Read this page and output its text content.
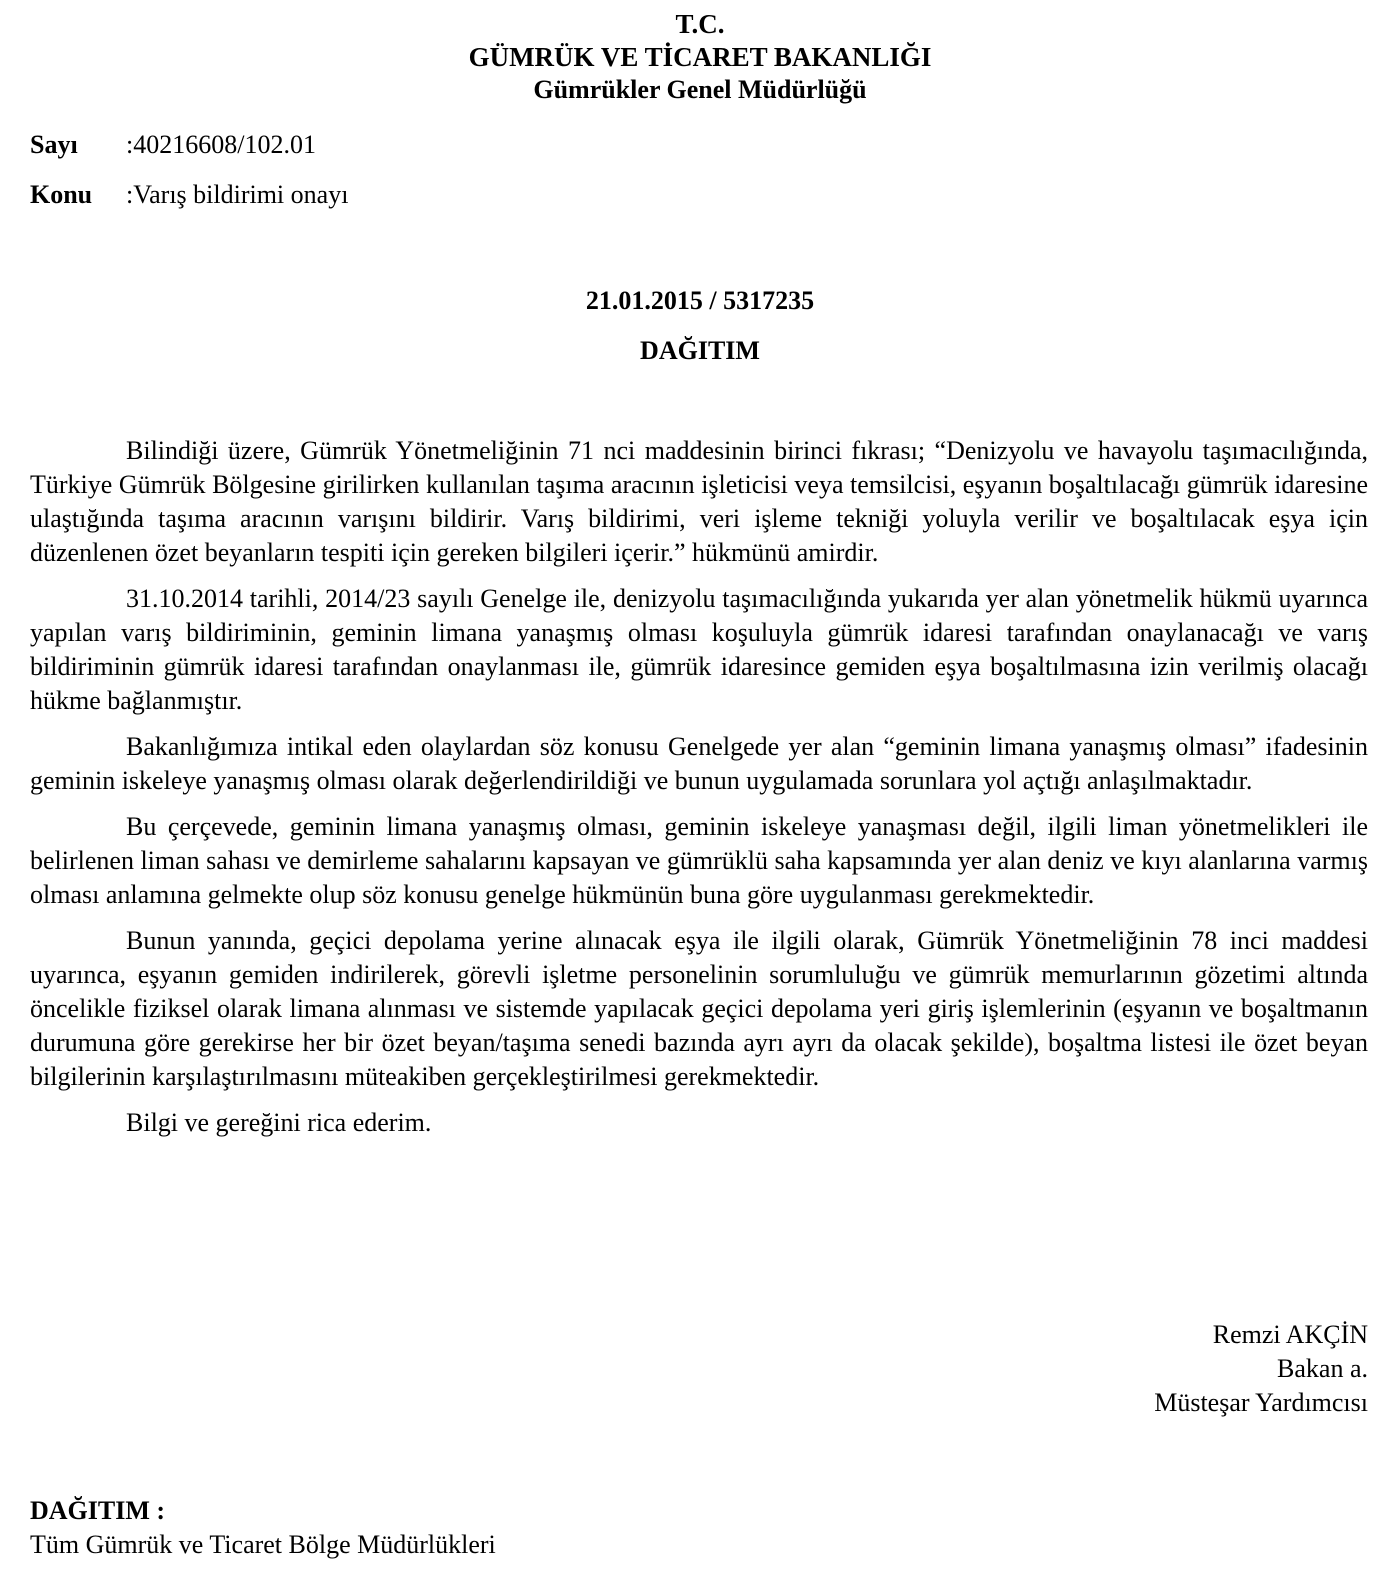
T.C.
GÜMRÜK VE TİCARET BAKANLIĞI
Gümrükler Genel Müdürlüğü
Sayı :40216608/102.01
Konu :Varış bildirimi onayı
21.01.2015 / 5317235
DAĞITIM

Bilindiği üzere, Gümrük Yönetmeliğinin 71 nci maddesinin birinci fıkrası; “Denizyolu ve havayolu taşımacılığında, Türkiye Gümrük Bölgesine girilirken kullanılan taşıma aracının işleticisi veya temsilcisi, eşyanın boşaltılacağı gümrük idaresine ulaştığında taşıma aracının varışını bildirir. Varış bildirimi, veri işleme tekniği yoluyla verilir ve boşaltılacak eşya için düzenlenen özet beyanların tespiti için gereken bilgileri içerir.” hükmünü amirdir.

31.10.2014 tarihli, 2014/23 sayılı Genelge ile, denizyolu taşımacılığında yukarıda yer alan yönetmelik hükmü uyarınca yapılan varış bildiriminin, geminin limana yanaşmış olması koşuluyla gümrük idaresi tarafından onaylanacağı ve varış bildiriminin gümrük idaresi tarafından onaylanması ile, gümrük idaresince gemiden eşya boşaltılmasına izin verilmiş olacağı hükme bağlanmıştır.

Bakanlığımıza intikal eden olaylardan söz konusu Genelgede yer alan “geminin limana yanaşmış olması” ifadesinin geminin iskeleye yanaşmış olması olarak değerlendirildiği ve bunun uygulamada sorunlara yol açtığı anlaşılmaktadır.

Bu çerçevede, geminin limana yanaşmış olması, geminin iskeleye yanaşması değil, ilgili liman yönetmelikleri ile belirlenen liman sahası ve demirleme sahalarını kapsayan ve gümrüklü saha kapsamında yer alan deniz ve kıyı alanlarına varmış olması anlamına gelmekte olup söz konusu genelge hükmünün buna göre uygulanması gerekmektedir.

Bunun yanında, geçici depolama yerine alınacak eşya ile ilgili olarak, Gümrük Yönetmeliğinin 78 inci maddesi uyarınca, eşyanın gemiden indirilerek, görevli işletme personelinin sorumluluğu ve gümrük memurlarının gözetimi altında öncelikle fiziksel olarak limana alınması ve sistemde yapılacak geçici depolama yeri giriş işlemlerinin (eşyanın ve boşaltmanın durumuna göre gerekirse her bir özet beyan/taşıma senedi bazında ayrı ayrı da olacak şekilde), boşaltma listesi ile özet beyan bilgilerinin karşılaştırılmasını müteakiben gerçekleştirilmesi gerekmektedir.

Bilgi ve gereğini rica ederim.

Remzi AKÇİN
Bakan a.
Müsteşar Yardımcısı
DAĞITIM :
Tüm Gümrük ve Ticaret Bölge Müdürlükleri
